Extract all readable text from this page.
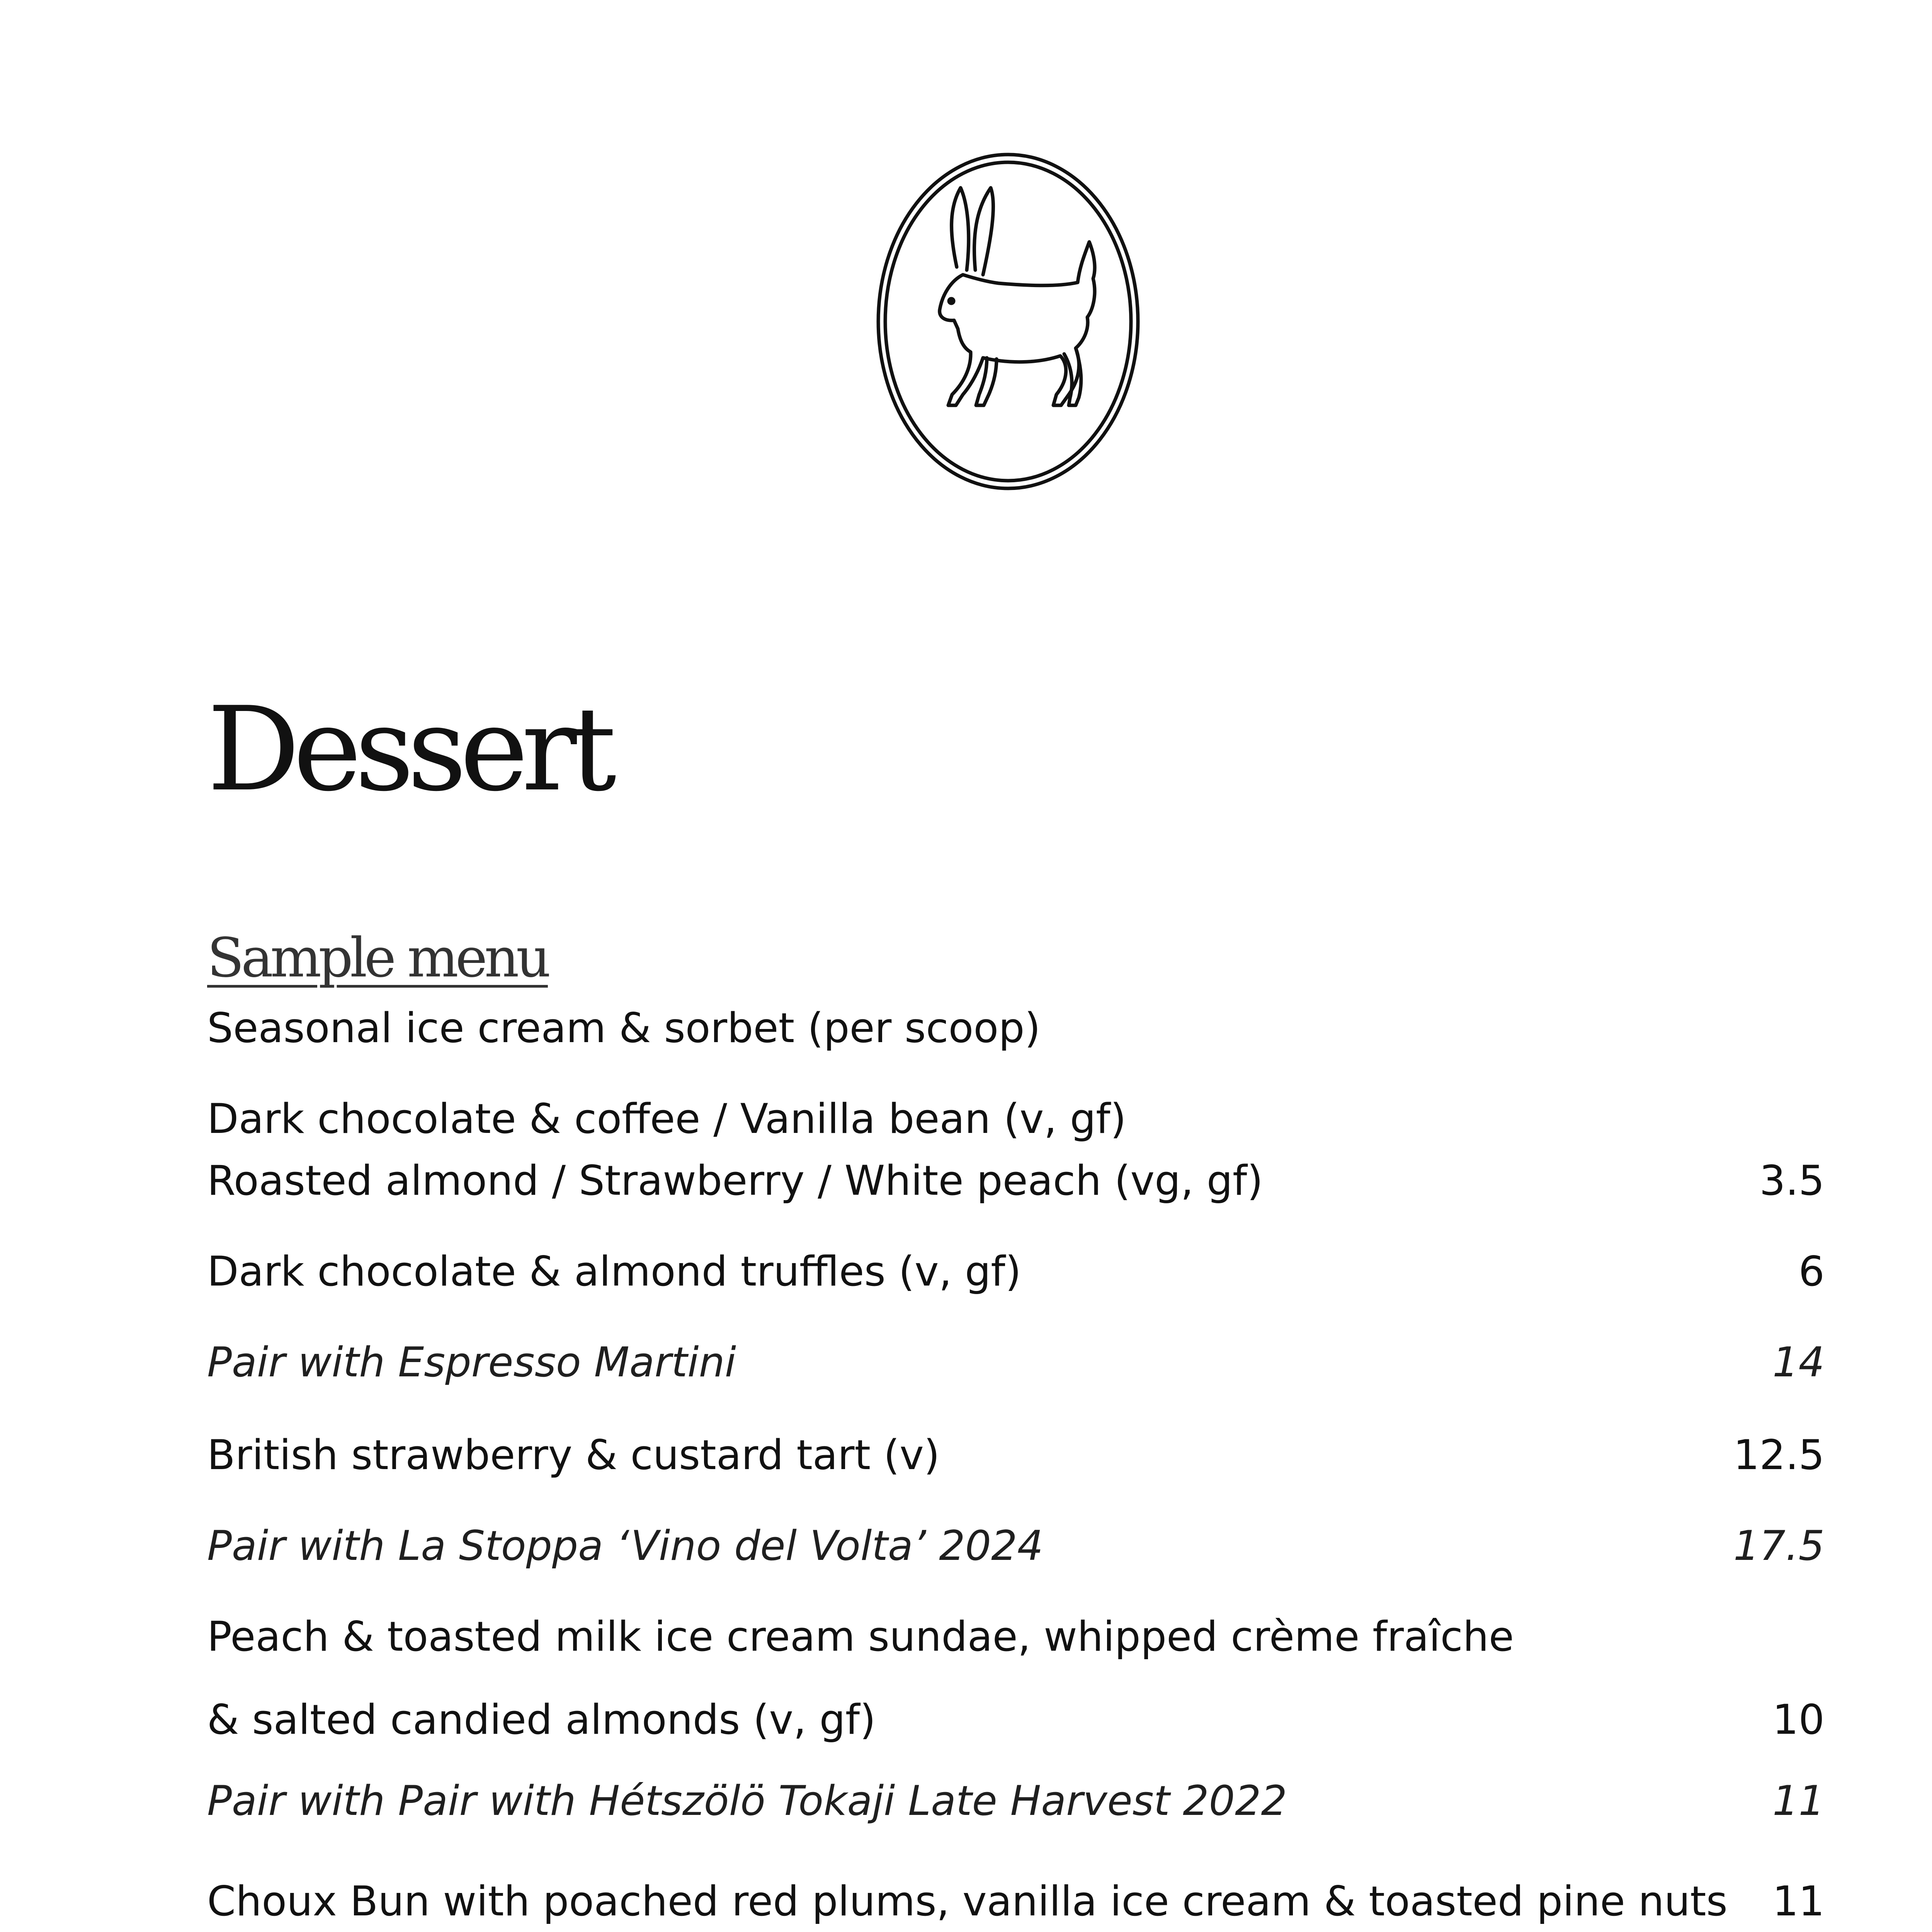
Dessert
Sample menu
Seasonal ice cream & sorbet (per scoop)
Dark chocolate & coffee / Vanilla bean (v, gf)
Roasted almond / Strawberry / White peach (vg, gf)	3.5
Dark chocolate & almond truffles (v, gf)	6
Pair with Espresso Martini	14
British strawberry & custard tart (v)	12.5
Pair with La Stoppa ‘Vino del Volta’ 2024	17.5
Peach & toasted milk ice cream sundae, whipped crème fraîche
& salted candied almonds (v, gf)	10
Pair with Pair with Hétszölö Tokaji Late Harvest 2022	11
Choux Bun with poached red plums, vanilla ice cream & toasted pine nuts 11
